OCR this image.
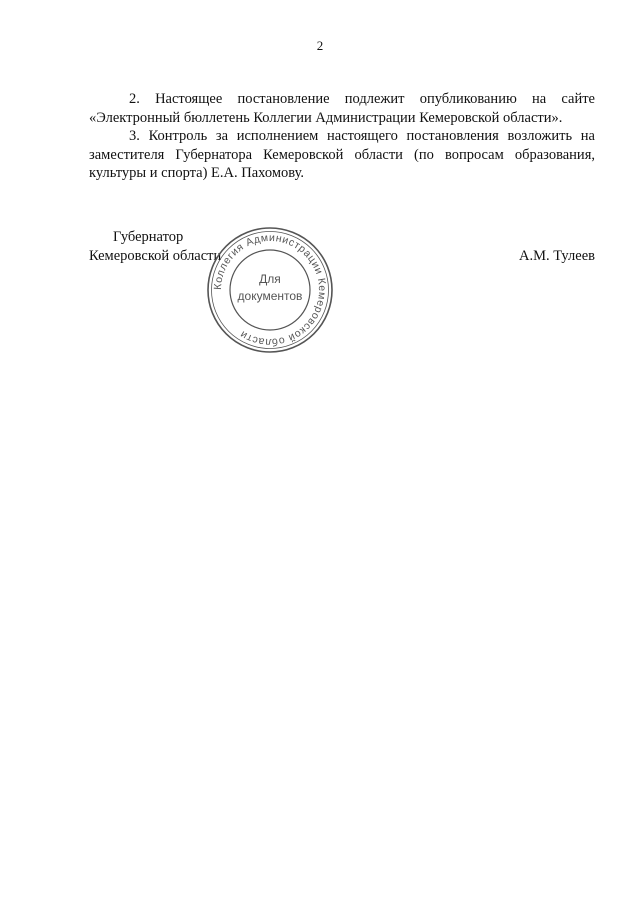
2

2. Настоящее постановление подлежит опубликованию на сайте «Электронный бюллетень Коллегии Администрации Кемеровской области».

3. Контроль за исполнением настоящего постановления возложить на заместителя Губернатора Кемеровской области (по вопросам образования, культуры и спорта) Е.А. Пахомову.

Губернатор
Кемеровской области	А.М. Тулеев
Коллегия Администрации Кемеровской области
Для
документов
